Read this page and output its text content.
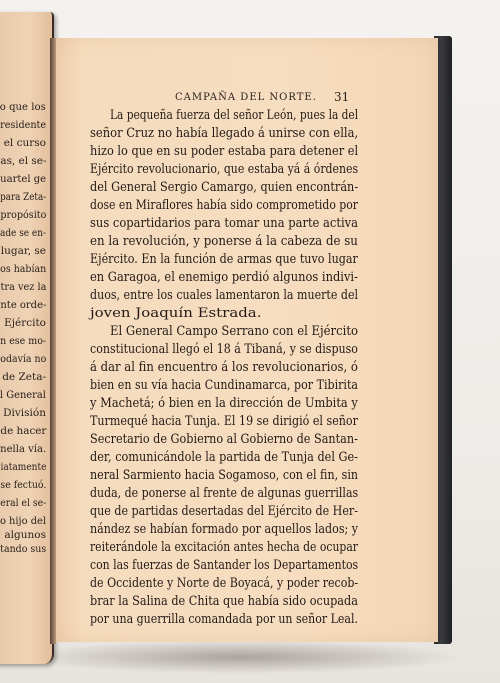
o que los
residente
el curso
as, el se-
uartel ge
para Zeta-
propósito
ade se en-
lugar, se
os habían
tra vez la
nte orde-
Ejército
n ese mo-
odavía no
de Zeta-
l General
División
de hacer
nella vía.
iatamente
se fectuó.
eral el se-
o hijo del
algunos
tando sus
CAMPAÑA DEL NORTE. 31
La pequeña fuerza del señor León, pues la del
señor Cruz no había llegado á unirse con ella,
hizo lo que en su poder estaba para detener el
Ejército revolucionario, que estaba yá á órdenes
del General Sergio Camargo, quien encontrán-
dose en Miraflores había sido comprometido por
sus copartidarios para tomar una parte activa
en la revolución, y ponerse á la cabeza de su
Ejército. En la función de armas que tuvo lugar
en Garagoa, el enemigo perdió algunos indivi-
duos, entre los cuales lamentaron la muerte del
joven Joaquín Estrada.
El General Campo Serrano con el Ejército
constitucional llegó el 18 á Tibaná, y se dispuso
á dar al fin encuentro á los revolucionarios, ó
bien en su vía hacia Cundinamarca, por Tibirita
y Machetá; ó bien en la dirección de Umbita y
Turmequé hacia Tunja. El 19 se dirigió el señor
Secretario de Gobierno al Gobierno de Santan-
der, comunicándole la partida de Tunja del Ge-
neral Sarmiento hacia Sogamoso, con el fin, sin
duda, de ponerse al frente de algunas guerrillas
que de partidas desertadas del Ejército de Her-
nández se habían formado por aquellos lados; y
reiterándole la excitación antes hecha de ocupar
con las fuerzas de Santander los Departamentos
de Occidente y Norte de Boyacá, y poder recob-
brar la Salina de Chita que había sido ocupada
por una guerrilla comandada por un señor Leal.
